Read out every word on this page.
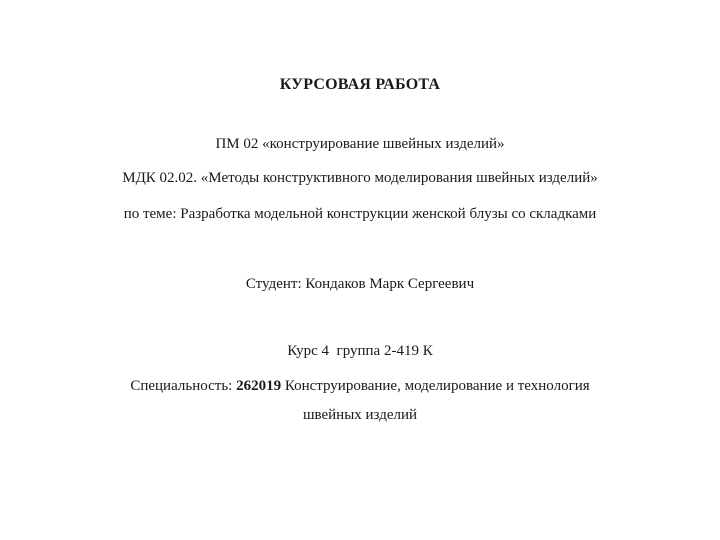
КУРСОВАЯ РАБОТА
ПМ 02 «конструирование швейных изделий»
МДК 02.02. «Методы конструктивного моделирования швейных изделий»
по теме: Разработка модельной конструкции женской блузы со складками
Студент: Кондаков Марк Сергеевич
Курс 4  группа 2-419 К
Специальность: 262019 Конструирование, моделирование и технология
швейных изделий
